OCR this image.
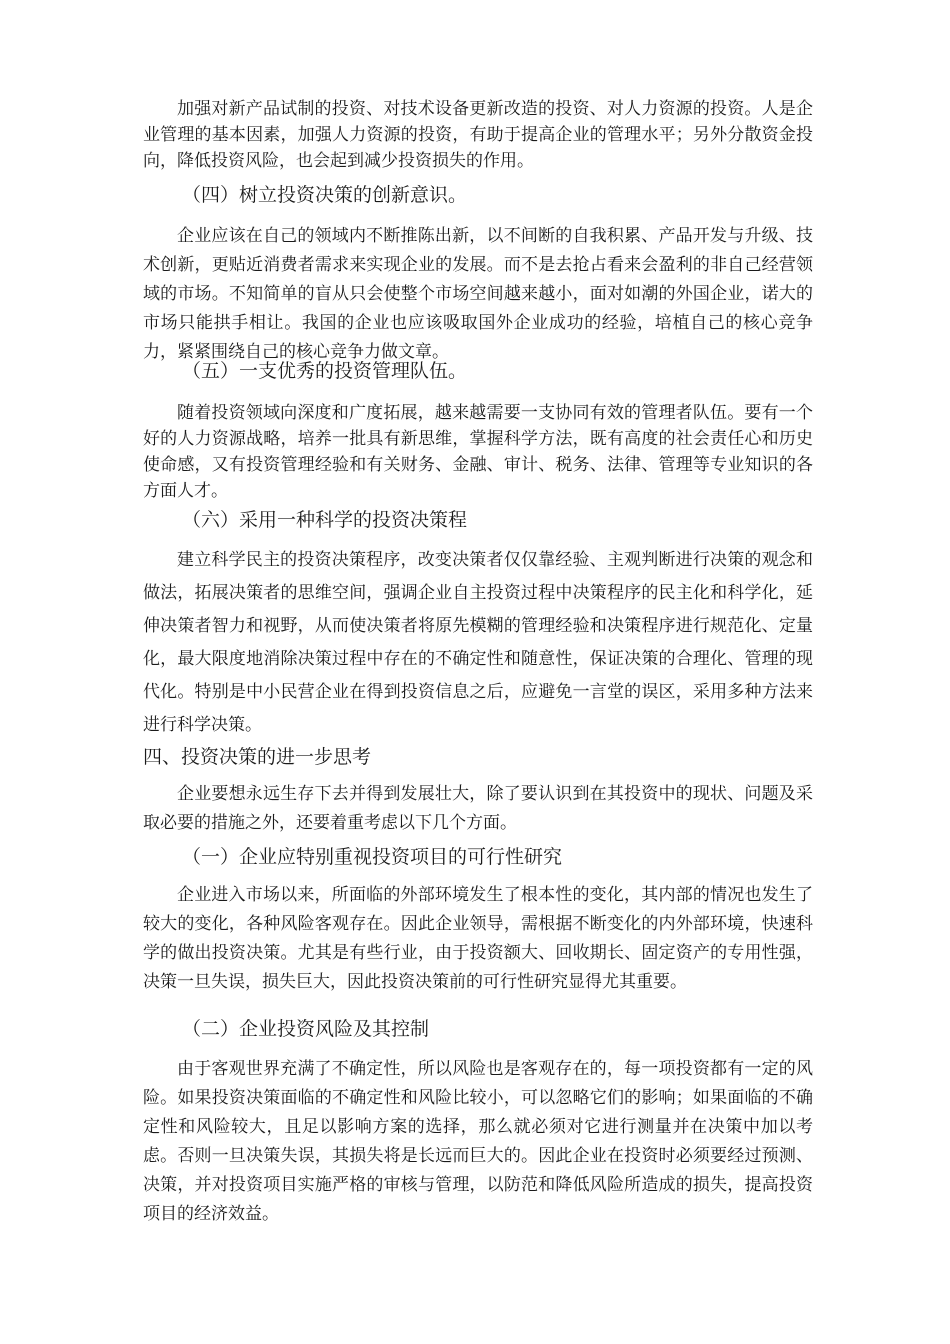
加强对新产品试制的投资、对技术设备更新改造的投资、对人力资源的投资。人是企业管理的基本因素，加强人力资源的投资，有助于提高企业的管理水平；另外分散资金投向，降低投资风险，也会起到减少投资损失的作用。

（四）树立投资决策的创新意识。

企业应该在自己的领域内不断推陈出新，以不间断的自我积累、产品开发与升级、技术创新，更贴近消费者需求来实现企业的发展。而不是去抢占看来会盈利的非自己经营领域的市场。不知简单的盲从只会使整个市场空间越来越小，面对如潮的外国企业，诺大的市场只能拱手相让。我国的企业也应该吸取国外企业成功的经验，培植自己的核心竞争力，紧紧围绕自己的核心竞争力做文章。

（五）一支优秀的投资管理队伍。

随着投资领域向深度和广度拓展，越来越需要一支协同有效的管理者队伍。要有一个好的人力资源战略，培养一批具有新思维，掌握科学方法，既有高度的社会责任心和历史使命感，又有投资管理经验和有关财务、金融、审计、税务、法律、管理等专业知识的各方面人才。

（六）采用一种科学的投资决策程

建立科学民主的投资决策程序，改变决策者仅仅靠经验、主观判断进行决策的观念和做法，拓展决策者的思维空间，强调企业自主投资过程中决策程序的民主化和科学化，延伸决策者智力和视野，从而使决策者将原先模糊的管理经验和决策程序进行规范化、定量化，最大限度地消除决策过程中存在的不确定性和随意性，保证决策的合理化、管理的现代化。特别是中小民营企业在得到投资信息之后，应避免一言堂的误区，采用多种方法来进行科学决策。

四、投资决策的进一步思考

企业要想永远生存下去并得到发展壮大，除了要认识到在其投资中的现状、问题及采取必要的措施之外，还要着重考虑以下几个方面。

（一）企业应特别重视投资项目的可行性研究

企业进入市场以来，所面临的外部环境发生了根本性的变化，其内部的情况也发生了较大的变化，各种风险客观存在。因此企业领导，需根据不断变化的内外部环境，快速科学的做出投资决策。尤其是有些行业，由于投资额大、回收期长、固定资产的专用性强，决策一旦失误，损失巨大，因此投资决策前的可行性研究显得尤其重要。

（二）企业投资风险及其控制

由于客观世界充满了不确定性，所以风险也是客观存在的，每一项投资都有一定的风险。如果投资决策面临的不确定性和风险比较小，可以忽略它们的影响；如果面临的不确定性和风险较大，且足以影响方案的选择，那么就必须对它进行测量并在决策中加以考虑。否则一旦决策失误，其损失将是长远而巨大的。因此企业在投资时必须要经过预测、决策，并对投资项目实施严格的审核与管理，以防范和降低风险所造成的损失，提高投资项目的经济效益。
